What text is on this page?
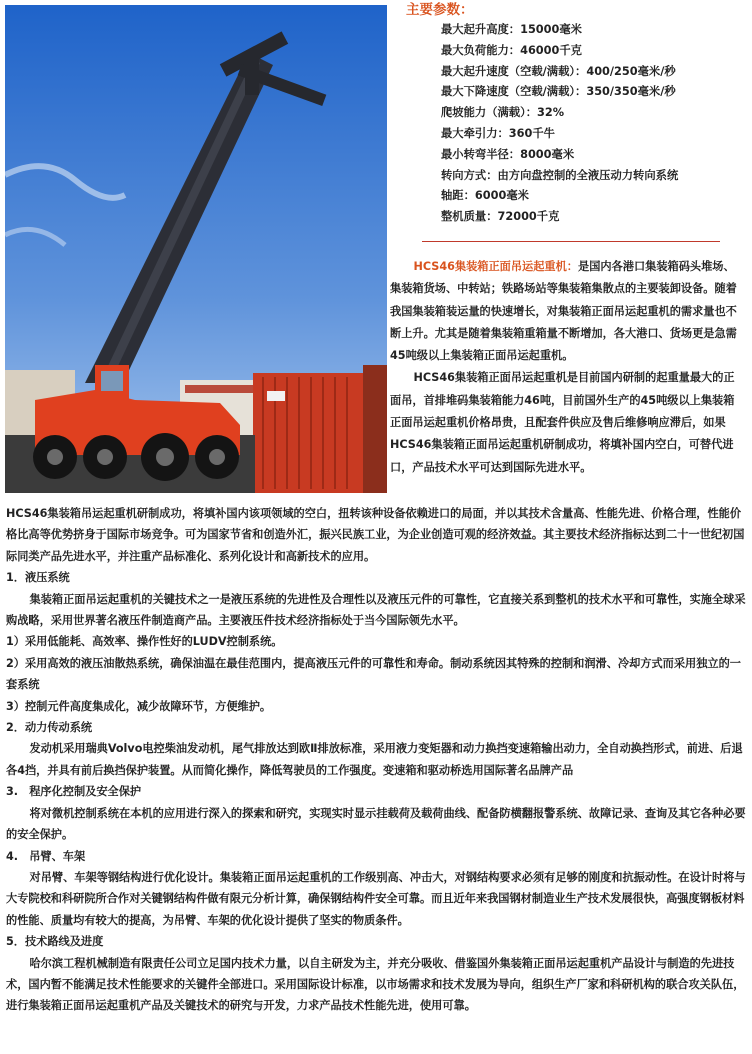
主要参数：
最大起升高度：15000毫米
最大负荷能力：46000千克
最大起升速度（空载/满载）：400/250毫米/秒
最大下降速度（空载/满载）：350/350毫米/秒
爬坡能力（满载）：32%
最大牵引力：360千牛
最小转弯半径：8000毫米
转向方式：由方向盘控制的全液压动力转向系统
轴距：6000毫米
整机质量：72000千克

HCS46集装箱正面吊运起重机：是国内各港口集装箱码头堆场、集装箱货场、中转站；铁路场站等集装箱集散点的主要装卸设备。随着我国集装箱装运量的快速增长，对集装箱正面吊运起重机的需求量也不断上升。尤其是随着集装箱重箱量不断增加，各大港口、货场更是急需45吨级以上集装箱正面吊运起重机。

HCS46集装箱正面吊运起重机是目前国内研制的起重量最大的正面吊，首排堆码集装箱能力46吨，目前国外生产的45吨级以上集装箱正面吊运起重机价格昂贵，且配套件供应及售后维修响应滞后，如果HCS46集装箱正面吊运起重机研制成功，将填补国内空白，可替代进口，产品技术水平可达到国际先进水平。

HCS46集装箱吊运起重机研制成功，将填补国内该项领域的空白，扭转该种设备依赖进口的局面，并以其技术含量高、性能先进、价格合理，性能价格比高等优势挤身于国际市场竞争。可为国家节省和创造外汇，振兴民族工业，为企业创造可观的经济效益。其主要技术经济指标达到二十一世纪初国际同类产品先进水平，并注重产品标准化、系列化设计和高新技术的应用。

1．液压系统

集装箱正面吊运起重机的关键技术之一是液压系统的先进性及合理性以及液压元件的可靠性，它直接关系到整机的技术水平和可靠性，实施全球采购战略，采用世界著名液压件制造商产品。主要液压件技术经济指标处于当今国际领先水平。

1）采用低能耗、高效率、操作性好的LUDV控制系统。

2）采用高效的液压油散热系统，确保油温在最佳范围内，提高液压元件的可靠性和寿命。制动系统因其特殊的控制和润滑、冷却方式而采用独立的一套系统

3）控制元件高度集成化，减少故障环节，方便维护。

2．动力传动系统

发动机采用瑞典Volvo电控柴油发动机，尾气排放达到欧Ⅱ排放标准，采用液力变矩器和动力换挡变速箱输出动力，全自动换挡形式，前进、后退各4挡，并具有前后换挡保护装置。从而简化操作，降低驾驶员的工作强度。变速箱和驱动桥选用国际著名品牌产品

3.　程序化控制及安全保护

将对微机控制系统在本机的应用进行深入的探索和研究，实现实时显示挂载荷及载荷曲线、配备防横翻报警系统、故障记录、查询及其它各种必要的安全保护。

4.　吊臂、车架

对吊臂、车架等钢结构进行优化设计。集装箱正面吊运起重机的工作级别高、冲击大，对钢结构要求必须有足够的刚度和抗振动性。在设计时将与大专院校和科研院所合作对关键钢结构件做有限元分析计算，确保钢结构件安全可靠。而且近年来我国钢材制造业生产技术发展很快，高强度钢板材料的性能、质量均有较大的提高，为吊臂、车架的优化设计提供了坚实的物质条件。

5．技术路线及进度

哈尔滨工程机械制造有限责任公司立足国内技术力量，以自主研发为主，并充分吸收、借鉴国外集装箱正面吊运起重机产品设计与制造的先进技术，国内暂不能满足技术性能要求的关键件全部进口。采用国际设计标准，以市场需求和技术发展为导向，组织生产厂家和科研机构的联合攻关队伍，进行集装箱正面吊运起重机产品及关键技术的研究与开发，力求产品技术性能先进，使用可靠。
